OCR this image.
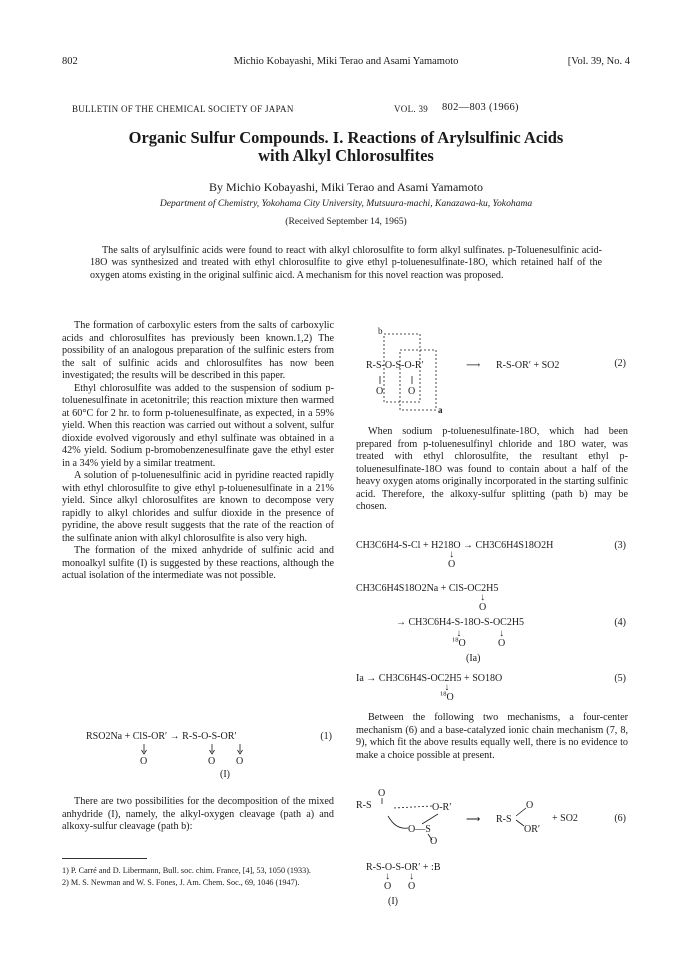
802	Michio Kobayashi, Miki Terao and Asami Yamamoto	[Vol. 39, No. 4
BULLETIN OF THE CHEMICAL SOCIETY OF JAPAN	VOL. 39 802—803 (1966)
Organic Sulfur Compounds. I. Reactions of Arylsulfinic Acids
with Alkyl Chlorosulfites
By Michio Kobayashi, Miki Terao and Asami Yamamoto
Department of Chemistry, Yokohama City University, Mutsuura-machi, Kanazawa-ku, Yokohama
(Received September 14, 1965)
The salts of arylsulfinic acids were found to react with alkyl chlorosulfite to form alkyl sulfinates. p-Toluenesulfinic acid-18O was synthesized and treated with ethyl chlorosulfite to give ethyl p-toluenesulfinate-18O, which retained half of the oxygen atoms existing in the original sulfinic aicd. A mechanism for this novel reaction was proposed.

The formation of carboxylic esters from the salts of carboxylic acids and chlorosulfites has previously been known.1,2) The possibility of an analogous preparation of the sulfinic esters from the salt of sulfinic acids and chlorosulfites has now been investigated; the results will be described in this paper.

Ethyl chlorosulfite was added to the suspension of sodium p-toluenesulfinate in acetonitrile; this reaction mixture then warmed at 60°C for 2 hr. to form p-toluenesulfinate, as expected, in a 59% yield. When this reaction was carried out without a solvent, sulfur dioxide evolved vigorously and ethyl sulfinate was obtained in a 42% yield. Sodium p-bromobenzenesulfinate gave the ethyl ester in a 34% yield by a similar treatment.

A solution of p-toluenesulfinic acid in pyridine reacted rapidly with ethyl chlorosulfite to give ethyl p-toluenesulfinate in a 21% yield. Since alkyl chlorosulfites are known to decompose very rapidly to alkyl chlorides and sulfur dioxide in the presence of pyridine, the above result suggests that the rate of the reaction of the sulfinate anion with alkyl chlorosulfite is also very high.

The formation of the mixed anhydride of sulfinic acid and monoalkyl sulfite (I) is suggested by these reactions, although the actual isolation of the intermediate was not possible.

RSO2Na + ClS-OR′ → R-S-O-S-OR′	(1)
O	O O
(I)

There are two possibilities for the decomposition of the mixed anhydride (I), namely, the alkyl-oxygen cleavage (path a) and alkoxy-sulfur cleavage (path b):

1) P. Carré and D. Libermann, Bull. soc. chim. France, [4], 53, 1050 (1933).

2) M. S. Newman and W. S. Fones, J. Am. Chem. Soc., 69, 1046 (1947).

b
a
O O
R-S-O-S-O-R′	⟶ R-S-OR′ + SO2	(2)

When sodium p-toluenesulfinate-18O, which had been prepared from p-toluenesulfinyl chloride and 18O water, was treated with ethyl chlorosulfite, the resultant ethyl p-toluenesulfinate-18O was found to contain about a half of the heavy oxygen atoms originally incorporated in the starting sulfinic acid. Therefore, the alkoxy-sulfur splitting (path b) may be chosen.

CH3C6H4-S-Cl + H218O → CH3C6H4S18O2H	(3)
↓
O
CH3C6H4S18O2Na + ClS-OC2H5
↓
O
→ CH3C6H4-S-18O-S-OC2H5	(4)
↓
$^{18}$O
↓
O
(Ia)
Ia → CH3C6H4S-OC2H5 + SO18O	(5)
↓
$^{18}$O

Between the following two mechanisms, a four-center mechanism (6) and a base-catalyzed ionic chain mechanism (7, 8, 9), which fit the above results equally well, there is no evidence to make a choice possible at present.

O
O-R′
O—S
O
⟶ R-S
O
OR′
R-S
+ SO2	(6)
R-S-O-S-OR′ + :B
↓
O
↓
O
(I)
